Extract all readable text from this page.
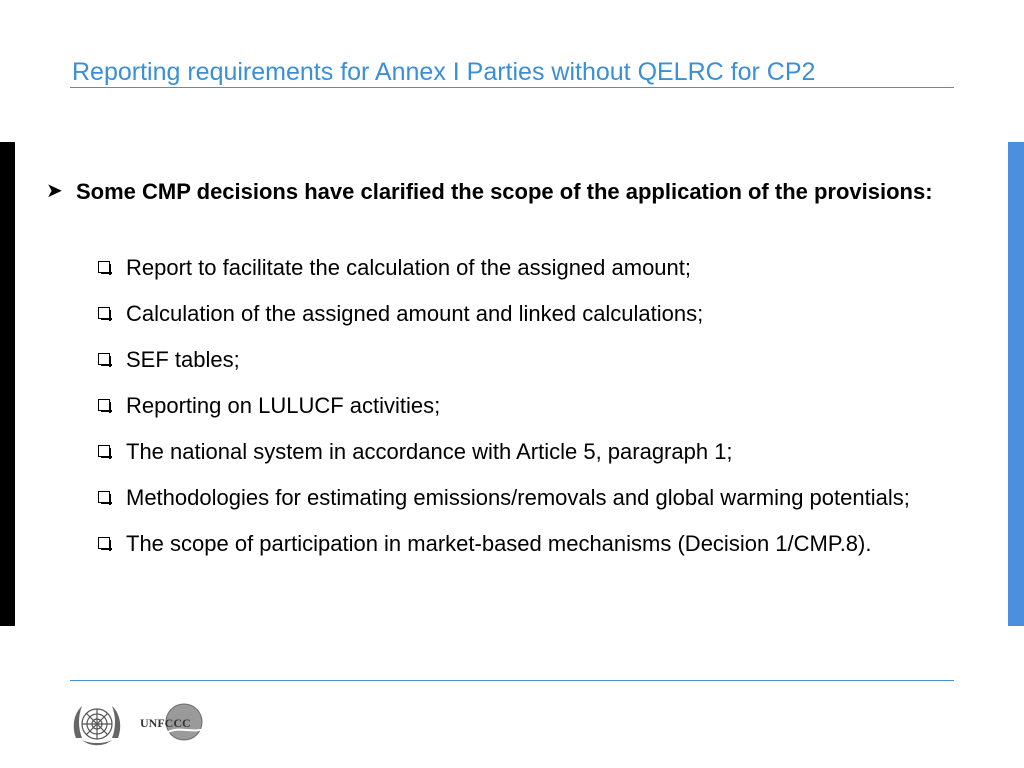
Reporting requirements for Annex I Parties without QELRC for CP2
➤ Some CMP decisions have clarified the scope of the application of the provisions:
Report to facilitate the calculation of the assigned amount;
Calculation of the assigned amount and linked calculations;
SEF tables;
Reporting on LULUCF activities;
The national system in accordance with Article 5, paragraph 1;
Methodologies for estimating emissions/removals and global warming potentials;
The scope of participation in market-based mechanisms (Decision 1/CMP.8).
UNFCCC
